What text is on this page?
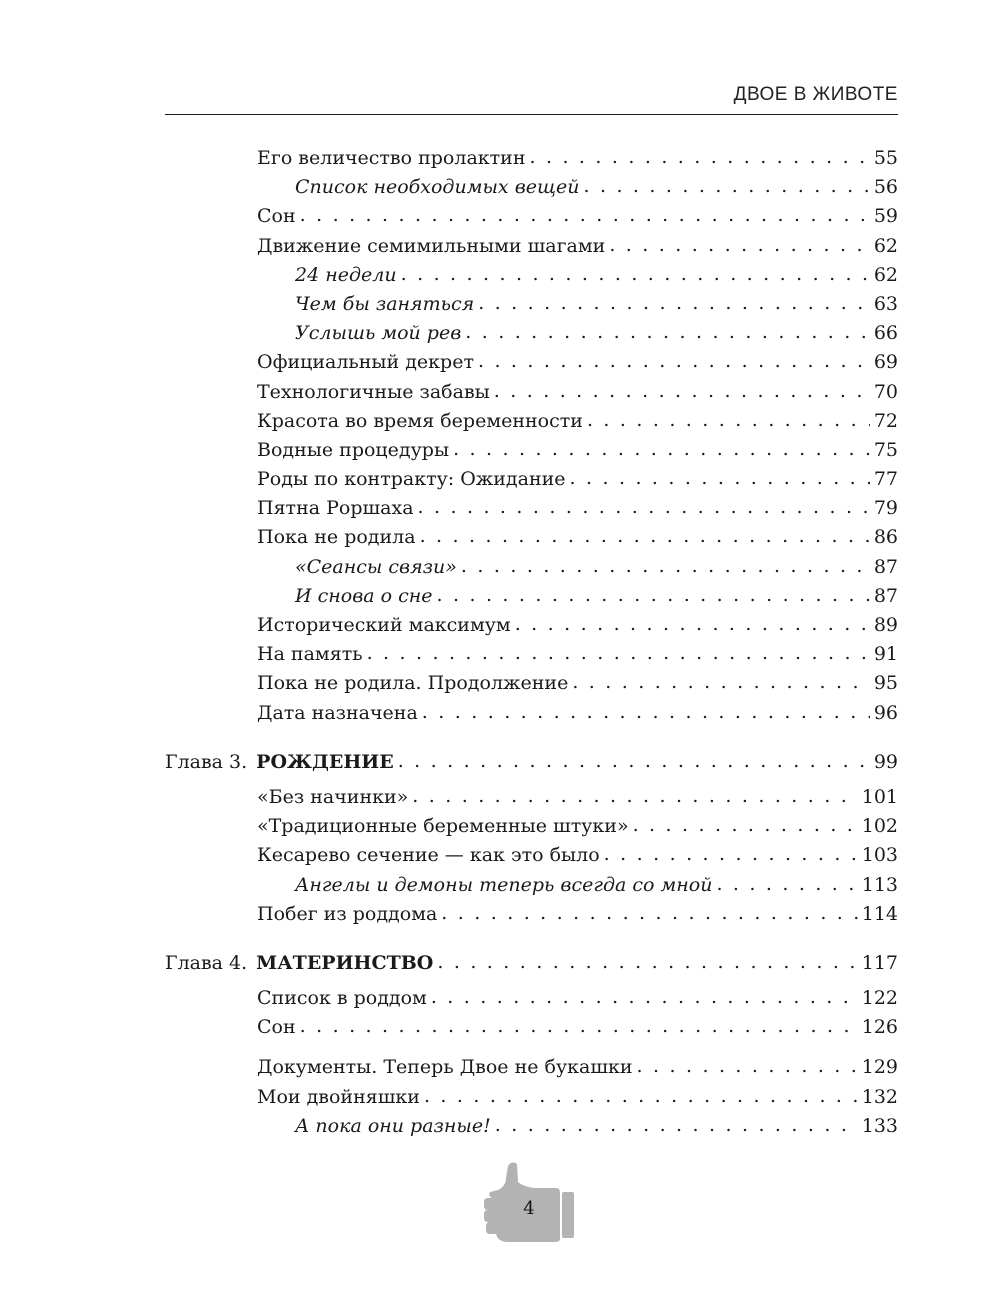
ДВОЕ В ЖИВОТЕ
Его величество пролактин . . .	55
Список необходимых вещей . . .	56
Сон . . .	59
Движение семимильными шагами . . .	62
24 недели . . .	62
Чем бы заняться . . .	63
Услышь мой рев . . .	66
Официальный декрет . . .	69
Технологичные забавы . . .	70
Красота во время беременности . . .	72
Водные процедуры . . .	75
Роды по контракту: Ожидание . . .	77
Пятна Роршаха . . .	79
Пока не родила . . .	86
«Сеансы связи» . . .	87
И снова о сне . . .	87
Исторический максимум . . .	89
На память . . .	91
Пока не родила. Продолжение . . .	95
Дата назначена . . .	96
Глава 3. РОЖДЕНИЕ . . .	99
«Без начинки» . . .	101
«Традиционные беременные штуки» . . .	102
Кесарево сечение — как это было . . .	103
Ангелы и демоны теперь всегда со мной . . .	113
Побег из роддома . . .	114
Глава 4. МАТЕРИНСТВО . . .	117
Список в роддом . . .	122
Сон . . .	126
Документы. Теперь Двое не букашки . . .	129
Мои двойняшки . . .	132
А пока они разные! . . .	133
4
